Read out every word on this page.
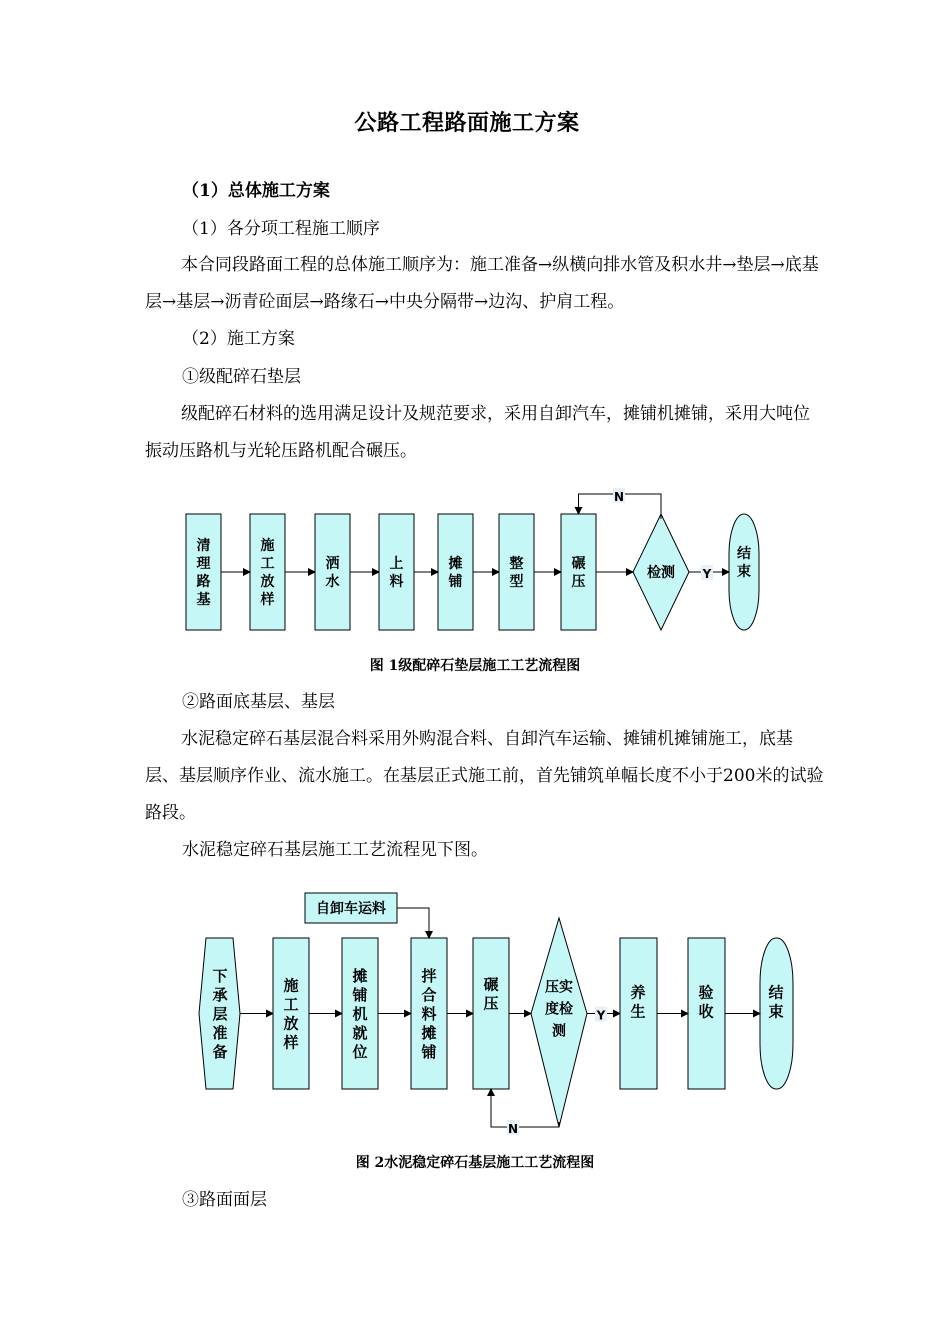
公路工程路面施工方案
（1）总体施工方案
（1）各分项工程施工顺序
本合同段路面工程的总体施工顺序为：施工准备→纵横向排水管及积水井→垫层→底基层→基层→沥青砼面层→路缘石→中央分隔带→边沟、护肩工程。
（2）施工方案
①级配碎石垫层
级配碎石材料的选用满足设计及规范要求，采用自卸汽车，摊铺机摊铺，采用大吨位振动压路机与光轮压路机配合碾压。
清理路基
施工放样
洒水
上料
摊铺
整型
碾压
检测
结束
Y
N
图 1级配碎石垫层施工工艺流程图
②路面底基层、基层
水泥稳定碎石基层混合料采用外购混合料、自卸汽车运输、摊铺机摊铺施工，底基层、基层顺序作业、流水施工。在基层正式施工前，首先铺筑单幅长度不小于200米的试验路段。
水泥稳定碎石基层施工工艺流程见下图。
下承层准备
施工放样
摊铺机就位
拌合料摊铺
碾压
自卸车运料
压实度检测
Y
养生
验收
结束
N
图 2水泥稳定碎石基层施工工艺流程图
③路面面层
